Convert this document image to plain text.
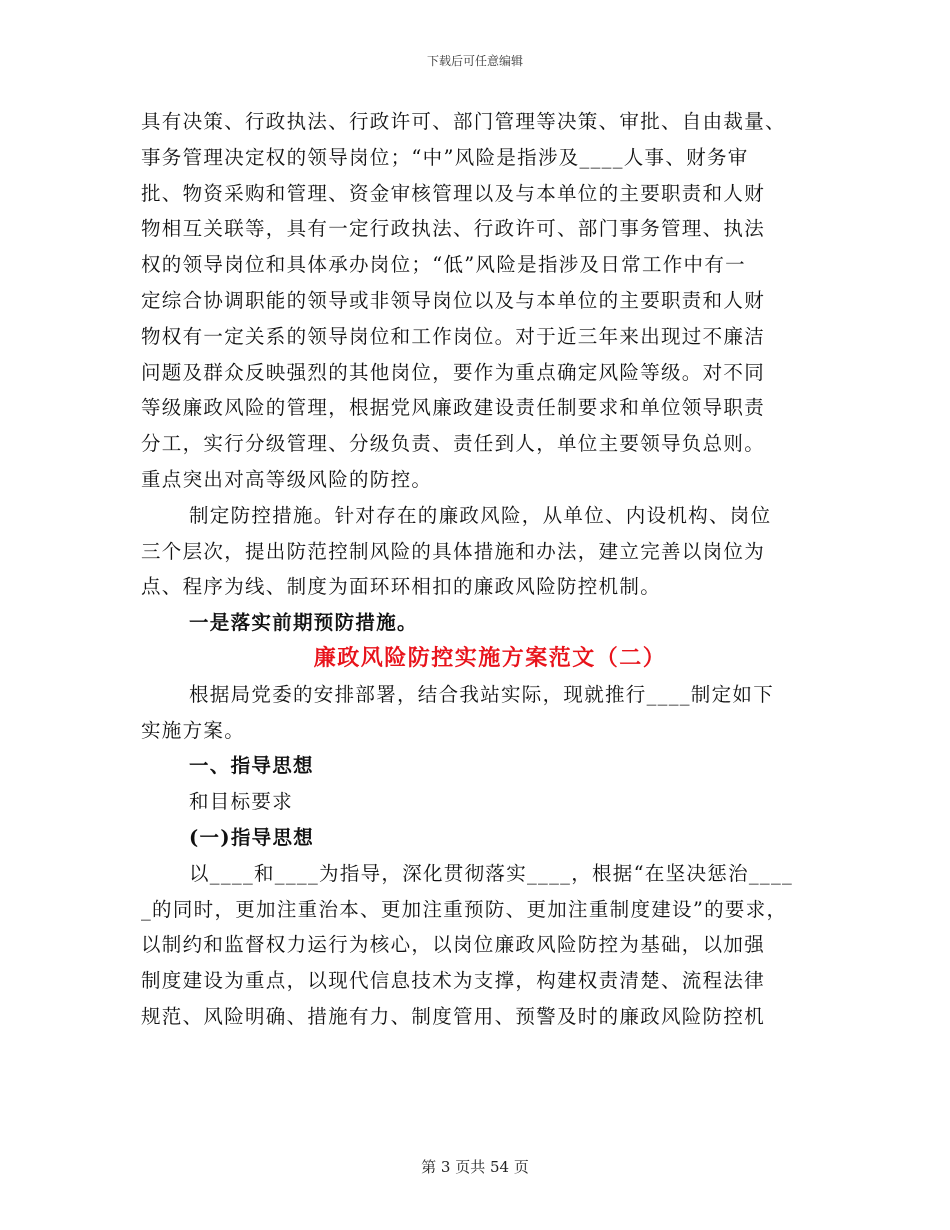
下载后可任意编辑
具有决策、行政执法、行政许可、部门管理等决策、审批、自由裁量、
事务管理决定权的领导岗位；“中”风险是指涉及____人事、财务审
批、物资采购和管理、资金审核管理以及与本单位的主要职责和人财
物相互关联等，具有一定行政执法、行政许可、部门事务管理、执法
权的领导岗位和具体承办岗位；“低”风险是指涉及日常工作中有一
定综合协调职能的领导或非领导岗位以及与本单位的主要职责和人财
物权有一定关系的领导岗位和工作岗位。对于近三年来出现过不廉洁
问题及群众反映强烈的其他岗位，要作为重点确定风险等级。对不同
等级廉政风险的管理，根据党风廉政建设责任制要求和单位领导职责
分工，实行分级管理、分级负责、责任到人，单位主要领导负总则。
重点突出对高等级风险的防控。
制定防控措施。针对存在的廉政风险，从单位、内设机构、岗位
三个层次，提出防范控制风险的具体措施和办法，建立完善以岗位为
点、程序为线、制度为面环环相扣的廉政风险防控机制。
一是落实前期预防措施。
廉政风险防控实施方案范文（二）
根据局党委的安排部署，结合我站实际，现就推行____制定如下
实施方案。
一、指导思想
和目标要求
(一)指导思想
以____和____为指导，深化贯彻落实____，根据“在坚决惩治____
_的同时，更加注重治本、更加注重预防、更加注重制度建设”的要求，
以制约和监督权力运行为核心，以岗位廉政风险防控为基础，以加强
制度建设为重点，以现代信息技术为支撑，构建权责清楚、流程法律
规范、风险明确、措施有力、制度管用、预警及时的廉政风险防控机
第 3 页共 54 页
